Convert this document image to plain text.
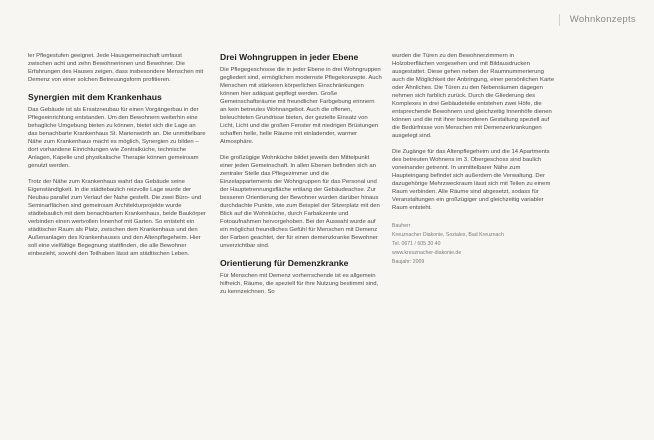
Wohnkonzepts

ler Pflegestufen geeignet. Jede Hausgemeinschaft umfasst zwischen acht und zehn Bewohnerinnen und Bewohner. Die Erfahrungen des Hauses zeigen, dass insbesondere Menschen mit Demenz von einer solchen Betreuungsform profitieren.

Synergien mit dem Krankenhaus

Das Gebäude ist als Ersatzneubau für einen Vorgängerbau in der Pflegeeinrichtung entstanden. Um den Bewohnern weiterhin eine behagliche Umgebung bieten zu können, bietet sich die Lage an das benachbarte Krankenhaus St. Marienwörth an. Die unmittelbare Nähe zum Krankenhaus macht es möglich, Synergien zu bilden – dort vorhandene Einrichtungen wie Zentralküche, technische Anlagen, Kapelle und physikalische Therapie können gemeinsam genutzt werden.

Trotz der Nähe zum Krankenhaus wahrt das Gebäude seine Eigenständigkeit. In die städtebaulich reizvolle Lage wurde der Neubau parallel zum Verlauf der Nahe gestellt. Die zwei Büro- und Seminarflächen sind gemeinsam Architekturprojekte wurde städtebaulich mit dem benachbarten Krankenhaus, beide Baukörper verbinden einen wertvollen Innenhof mit Garten. So entsteht ein städtischer Raum als Platz, zwischen dem Krankenhaus und den Außenanlagen des Krankenhauses und den Altenpflegeheim. Hier soll eine vielfältige Begegnung stattfinden, die alle Bewohner einbezieht, sowohl den Teilhaben lässt am städtischen Leben.

Drei Wohngruppen in jeder Ebene

Die Pflegegeschosse die in jeder Ebene in drei Wohngruppen gegliedert sind, ermöglichen modernste Pflegekonzepte. Auch Menschen mit stärkeren körperlichen Einschränkungen können hier adäquat gepflegt werden. Große Gemeinschaftsräume mit freundlicher Farbgebung erinnern an kein betreutes Wohnangebot. Auch die offenen, beleuchteten Grundrisse bieten, der gezielte Einsatz von Licht, Licht und die großen Fenster mit niedrigen Brüstungen schaffen helle, helle Räume mit einladender, warmer Atmosphäre.

Die großzügige Wohnküche bildet jeweils den Mittelpunkt einer jeden Gemeinschaft. In allen Ebenen befinden sich an zentraler Stelle das Pflegezimmer und die Einzelappartements der Wohngruppen für das Personal und der Hauptetrennungsfläche entlang der Gebäudeachse. Zur besseren Orientierung der Bewohner wurden darüber hinaus durchdachte Punkte, wie zum Beispiel der Sitzerplatz mit den Blick auf die Wohnküche, durch Farbakzente und Fotoaufnahmen hervorgehoben. Bei der Auswahl wurde auf ein möglichst freundliches Gefühl für Menschen mit Demenz der Farben geachtet, der für einen demenzkranke Bewohner unverzichtbar sind.

Orientierung für Demenzkranke

Für Menschen mit Demenz vorherrschende ist es allgemein hilfreich, Räume, die speziell für ihre Nutzung bestimmt sind, zu kennzeichnen. So

wurden die Türen zu den Bewohnerzimmern in Holzoberflächen vorgesehen und mit Bildausdrucken ausgestattet. Diese gehen neben der Raumnummerierung auch die Möglichkeit der Anbringung, einer persönlichen Karte oder Ähnliches. Die Türen zu den Nebenräumen dagegen nehmen sich farblich zurück. Durch die Gliederung des Komplexes in drei Gebäudeteile entstehen zwei Höfe, die entsprechende Bewohnern und gleichzeitig Innenhöfe dienen können und die mit ihrer besonderen Gestaltung speziell auf die Bedürfnisse von Menschen mit Demenzerkrankungen ausgelegt sind.

Die Zugänge für das Altenpflegeheim und die 14 Apartments des betreuten Wohnens im 3. Obergeschoss sind baulich voneinander getrennt. In unmittelbarer Nähe zum Haupteingang befindet sich außerdem die Verwaltung. Der dazugehörige Mehrzweckraum lässt sich mit Teilen zu einem Raum verbinden. Alle Räume sind abgesetzt, sodass für Veranstaltungen ein großzügiger und gleichzeitig variabler Raum entsteht.

Bauherr
Kreuznacher Diakonie, Soziales, Bad Kreuznach
Tel. 0671 / 605 30 40
www.kreuznacher-diakonie.de
Baujahr: 2009
